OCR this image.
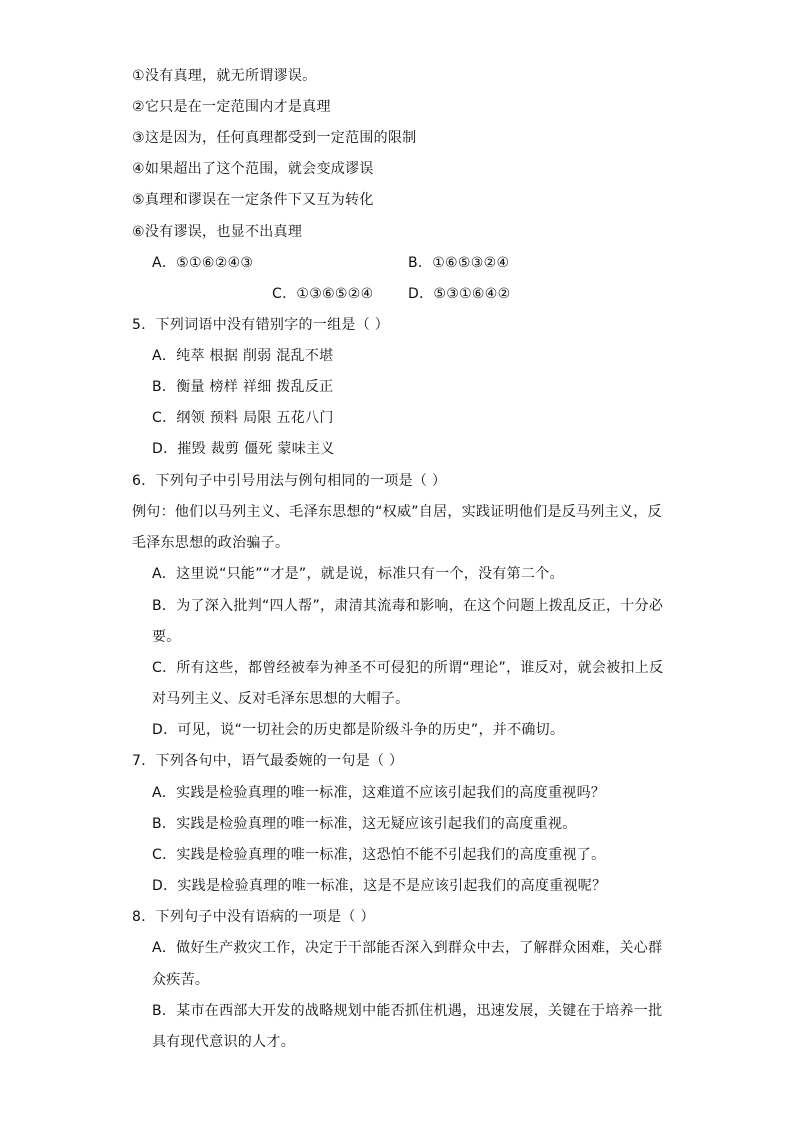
①没有真理，就无所谓谬误。
②它只是在一定范围内才是真理
③这是因为，任何真理都受到一定范围的限制
④如果超出了这个范围，就会变成谬误
⑤真理和谬误在一定条件下又互为转化
⑥没有谬误，也显不出真理
A．⑤①⑥②④③	B．①⑥⑤③②④
C．①③⑥⑤②④ D．⑤③①⑥④②
5．下列词语中没有错别字的一组是（ ）
A．纯萃 根据 削弱 混乱不堪
B．衡量 榜样 祥细 拨乱反正
C．纲领 预料 局限 五花八门
D．摧毁 裁剪 僵死 蒙味主义
6．下列句子中引号用法与例句相同的一项是（ ）
例句：他们以马列主义、毛泽东思想的“权威”自居，实践证明他们是反马列主义，反
毛泽东思想的政治骗子。
A．这里说“只能”“才是”，就是说，标准只有一个，没有第二个。
B．为了深入批判“四人帮”，肃清其流毒和影响，在这个问题上拨乱反正，十分必
要。
C．所有这些，都曾经被奉为神圣不可侵犯的所谓“理论”，谁反对，就会被扣上反
对马列主义、反对毛泽东思想的大帽子。
D．可见，说“一切社会的历史都是阶级斗争的历史”，并不确切。
7．下列各句中，语气最委婉的一句是（ ）
A．实践是检验真理的唯一标准，这难道不应该引起我们的高度重视吗？
B．实践是检验真理的唯一标准，这无疑应该引起我们的高度重视。
C．实践是检验真理的唯一标准，这恐怕不能不引起我们的高度重视了。
D．实践是检验真理的唯一标准，这是不是应该引起我们的高度重视呢？
8．下列句子中没有语病的一项是（ ）
A．做好生产救灾工作，决定于干部能否深入到群众中去，了解群众困难，关心群
众疾苦。
B．某市在西部大开发的战略规划中能否抓住机遇，迅速发展，关键在于培养一批
具有现代意识的人才。
